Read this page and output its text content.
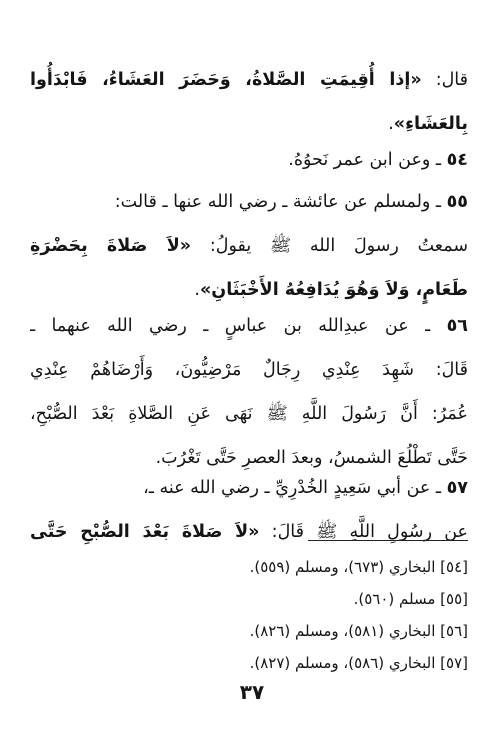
قال: «إذا أُقِيمَتِ الصَّلاةُ، وَحَضَرَ العَشَاءُ، فَابْدَأُوا
بِالعَشَاءِ».
٥٤ ـ وعن ابن عمر نَحوُهُ.
٥٥ ـ ولمسلم عن عائشة ـ رضي الله عنها ـ قالت:
سمعتُ رسولَ الله ﷺ يقولُ: «لاَ صَلاةَ بِحَضْرَةِ
طَعَامٍ، وَلاَ وَهُوَ يُدَافِعُهُ الأَخْبَثَانِ».
٥٦ ـ عن عبدِالله بن عباسٍ ـ رضي الله عنهما ـ
قَالَ: شَهِدَ عِنْدِي رِجَالٌ مَرْضِيُّونَ، وَأَرْضَاهُمْ عِنْدِي
عُمَرُ: أَنَّ رَسُولَ اللَّهِ ﷺ نَهَى عَنِ الصَّلاةِ بَعْدَ الصُّبْحِ،
حَتَّى تَطْلُعَ الشمسُ، وبعدَ العصرِ حَتَّى تَغْرُبَ.
٥٧ ـ عن أبي سَعِيدٍ الخُدْرِيِّ ـ رضي الله عنه ـ،
عن رسُولِ اللَّهِ ﷺ قَالَ: «لاَ صَلاةَ بَعْدَ الصُّبْحِ حَتَّى
[٥٤] البخاري (٦٧٣)، ومسلم (٥٥٩).
[٥٥] مسلم (٥٦٠).
[٥٦] البخاري (٥٨١)، ومسلم (٨٢٦).
[٥٧] البخاري (٥٨٦)، ومسلم (٨٢٧).
٣٧
